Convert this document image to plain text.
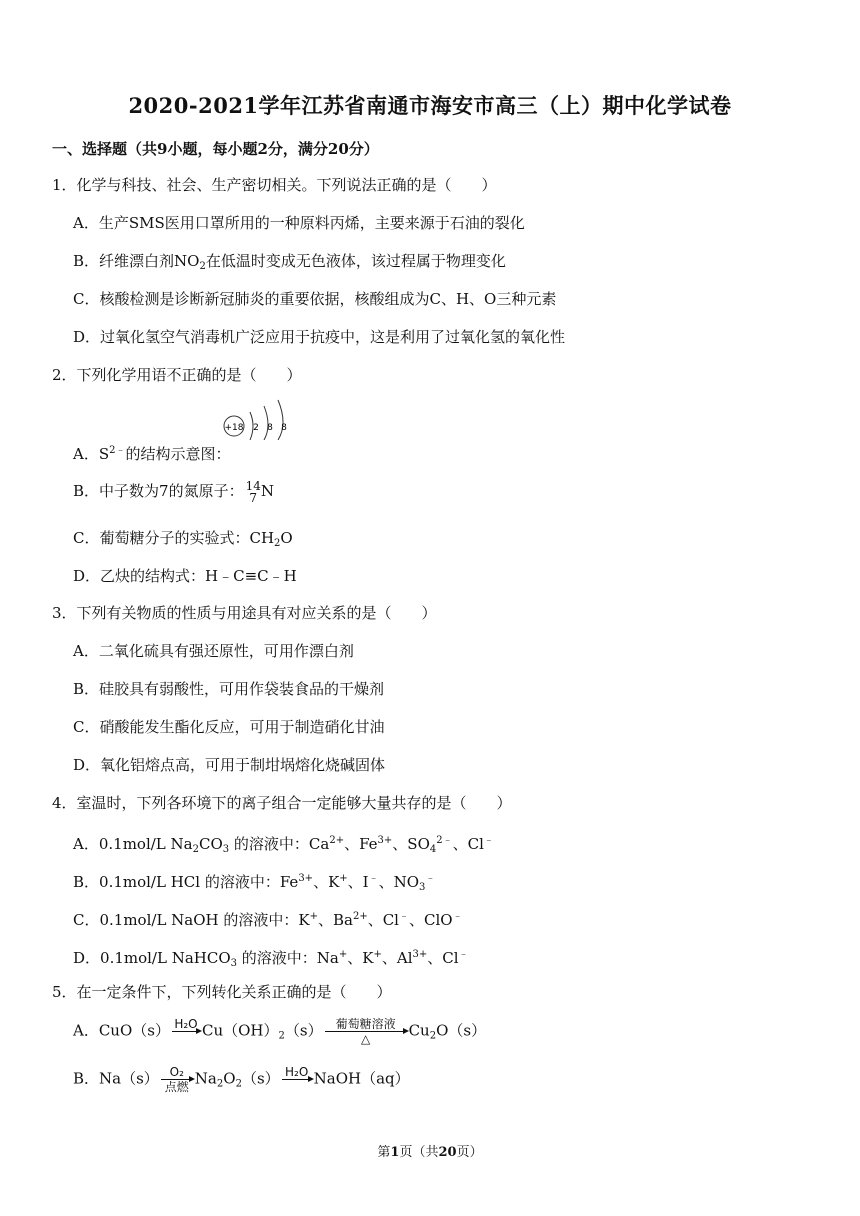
2020-2021学年江苏省南通市海安市高三（上）期中化学试卷
一、选择题（共9小题，每小题2分，满分20分）
1．化学与科技、社会、生产密切相关。下列说法正确的是（　　）
A．生产SMS医用口罩所用的一种原料丙烯，主要来源于石油的裂化
B．纤维漂白剂$NO_2$在低温时变成无色液体，该过程属于物理变化
C．核酸检测是诊断新冠肺炎的重要依据，核酸组成为C、H、O三种元素
D．过氧化氢空气消毒机广泛应用于抗疫中，这是利用了过氧化氢的氧化性
2．下列化学用语不正确的是（　　）
+18 2 8 8
A．$S^{2﹣}$的结构示意图：
B．中子数为7的氮原子： 14
7 N
C．葡萄糖分子的实验式：$CH_2O$
D．乙炔的结构式：H﹣C≡C﹣H
3．下列有关物质的性质与用途具有对应关系的是（　　）
A．二氧化硫具有强还原性，可用作漂白剂
B．硅胶具有弱酸性，可用作袋装食品的干燥剂
C．硝酸能发生酯化反应，可用于制造硝化甘油
D．氧化铝熔点高，可用于制坩埚熔化烧碱固体
4．室温时，下列各环境下的离子组合一定能够大量共存的是（　　）
A．0.1mol/L $Na_2CO_3$ 的溶液中：$Ca^{2+}$、$Fe^{3+}$、$SO_4^{2﹣}$、Cl﹣
B．0.1mol/L HCl 的溶液中：$Fe^{3+}$、K+、I﹣、$NO_3^﹣$
C．0.1mol/L NaOH 的溶液中：K+、$Ba^{2+}$、Cl﹣、ClO﹣
D．0.1mol/L NaHCO$_3$ 的溶液中：Na+、K+、$Al^{3+}$、Cl﹣
5．在一定条件下，下列转化关系正确的是（　　）
A．CuO（s） H₂O
$Cu(OH)_2(s)$	葡萄糖溶液
△	$Cu_2O(s)$
B．Na（s） O₂
点燃 $Na_2O_2(s)$ H₂O
NaOH（aq）
第1页（共20页）
